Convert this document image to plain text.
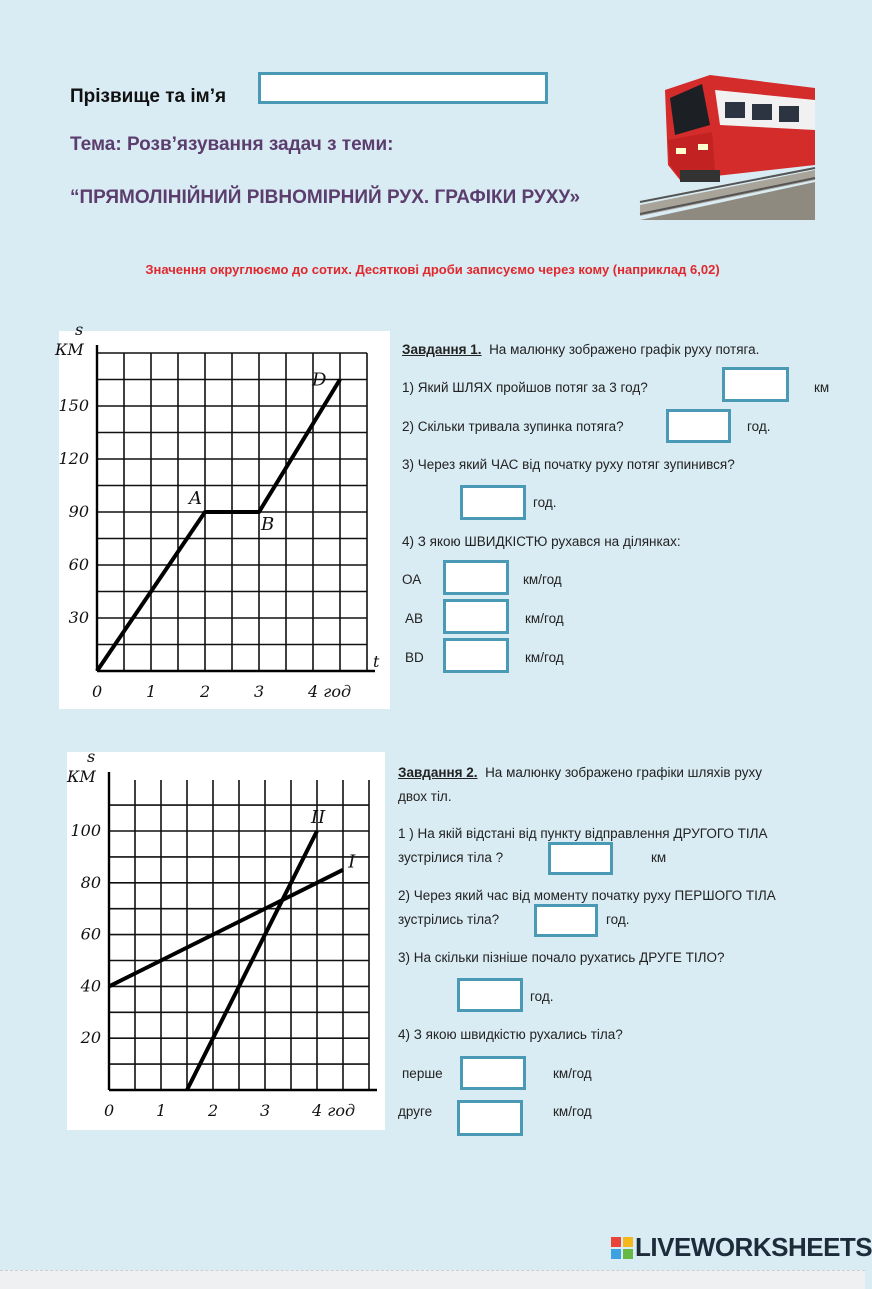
Прізвище та ім’я
Тема: Розв’язування задач з теми:
“ПРЯМОЛІНІЙНИЙ РІВНОМІРНИЙ РУХ. ГРАФІКИ РУХУ»
Значення округлюємо до сотих. Десяткові дроби записуємо через кому (наприклад 6,02)
30
60
90
120
150
0	1	2	3	4 год
s
КМ
t
A
B
D
Завдання 1. На малюнку зображено графік руху потяга.
1) Який ШЛЯХ пройшов потяг за 3 год?	км
2) Скільки тривала зупинка потяга?	год.
3) Через який ЧАС від початку руху потяг зупинився?
год.
4) З якою ШВИДКІСТЮ рухався на ділянках:
ОА	км/год
АВ	км/год
BD	км/год
20
40
60
80
100
0	1	2	3	4 год
s
КМ
I
II
Завдання 2. На малюнку зображено графіки шляхів руху
двох тіл.
1 ) На якій відстані від пункту відправлення ДРУГОГО ТІЛА
зустрілися тіла ?	км
2) Через який час від моменту початку руху ПЕРШОГО ТІЛА
зустрілись тіла?	год.
3) На скільки пізніше почало рухатись ДРУГЕ ТІЛО?
год.
4) З якою швидкістю рухались тіла?
перше	км/год
друге	км/год
LIVEWORKSHEETS
